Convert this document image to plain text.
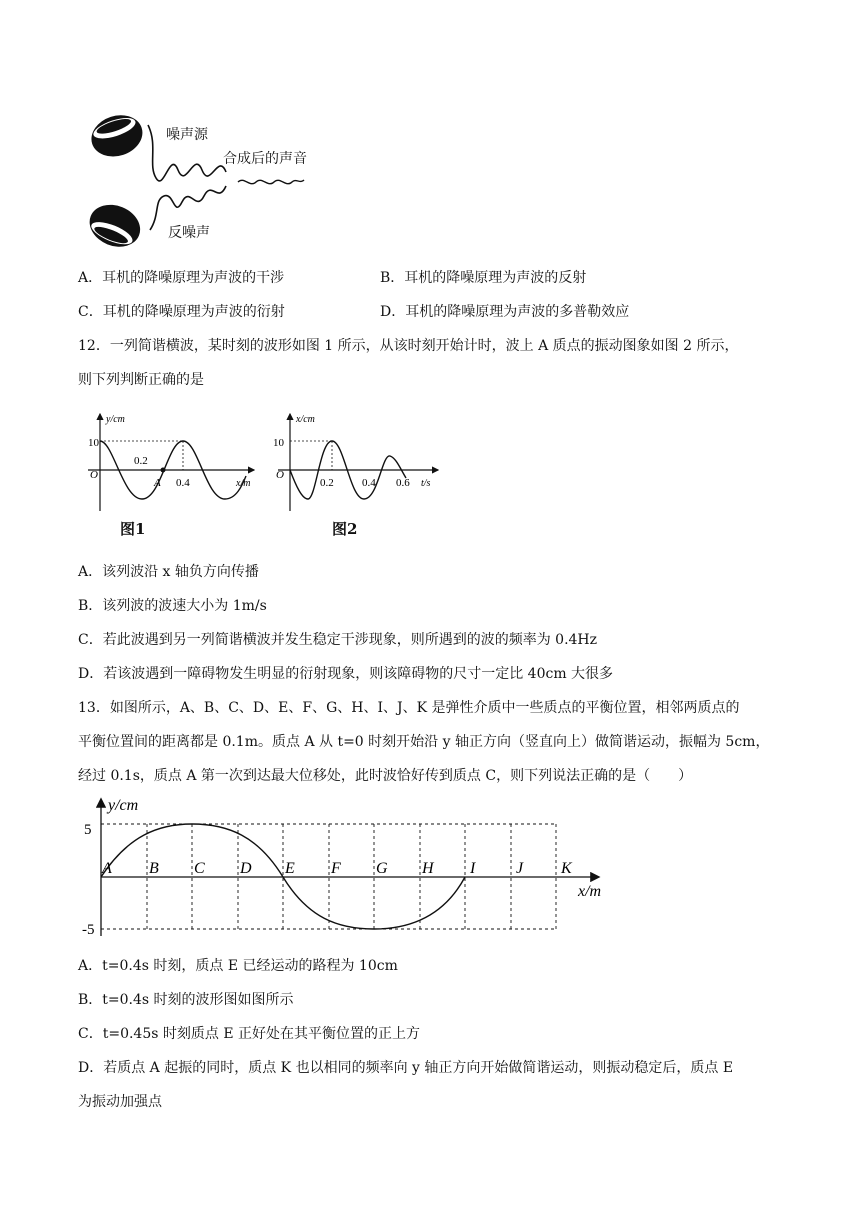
噪声源
合成后的声音
反噪声
A．耳机的降噪原理为声波的干涉	B．耳机的降噪原理为声波的反射
C．耳机的降噪原理为声波的衍射	D．耳机的降噪原理为声波的多普勒效应
12．一列简谐横波，某时刻的波形如图 1 所示，从该时刻开始计时，波上 A 质点的振动图象如图 2 所示，
则下列判断正确的是
y/cm
10
O
0.2
0.4
A	x/m
图1
x/cm
10
O
0.2	0.4 0.6 t/s
图2
A．该列波沿 x 轴负方向传播
B．该列波的波速大小为 1m/s
C．若此波遇到另一列简谐横波并发生稳定干涉现象，则所遇到的波的频率为 0.4Hz
D．若该波遇到一障碍物发生明显的衍射现象，则该障碍物的尺寸一定比 40cm 大很多
13．如图所示，A、B、C、D、E、F、G、H、I、J、K 是弹性介质中一些质点的平衡位置，相邻两质点的
平衡位置间的距离都是 0.1m。质点 A 从 t=0 时刻开始沿 y 轴正方向（竖直向上）做简谐运动，振幅为 5cm，
经过 0.1s，质点 A 第一次到达最大位移处，此时波恰好传到质点 C，则下列说法正确的是（　　）
y/cm
5
-5
x/m
A B C D E F G H I	J K
A．t=0.4s 时刻，质点 E 已经运动的路程为 10cm
B．t=0.4s 时刻的波形图如图所示
C．t=0.45s 时刻质点 E 正好处在其平衡位置的正上方
D．若质点 A 起振的同时，质点 K 也以相同的频率向 y 轴正方向开始做简谐运动，则振动稳定后，质点 E
为振动加强点
